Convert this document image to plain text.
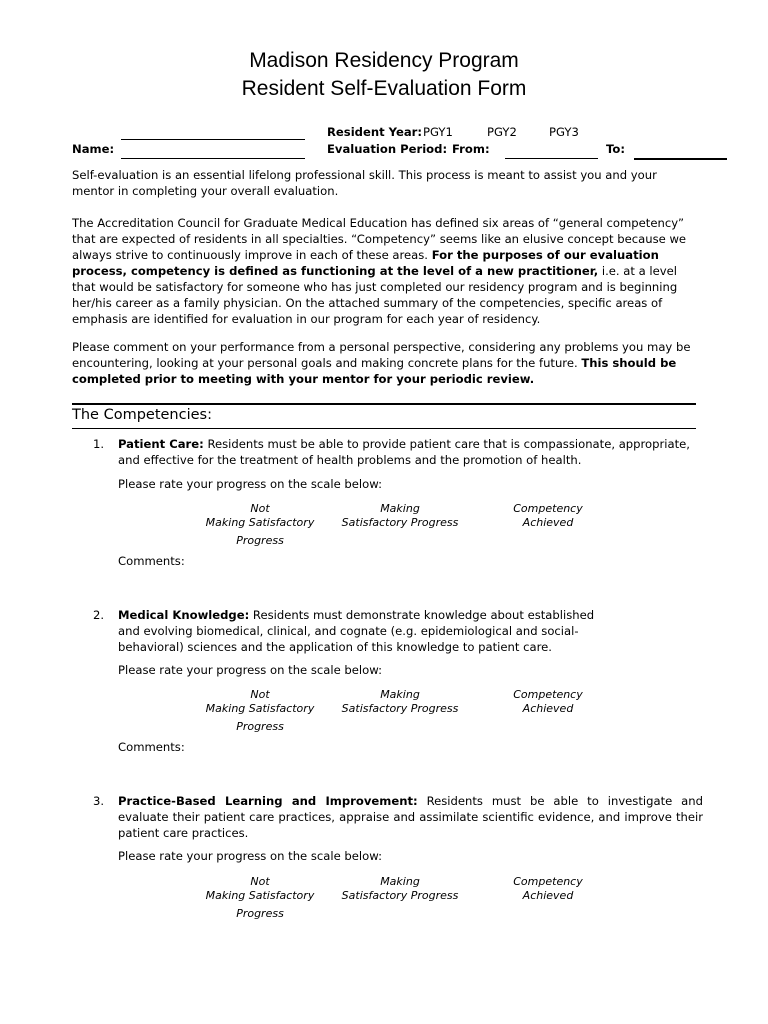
Madison Residency Program
Resident Self-Evaluation Form
Name:
Resident Year: PGY1	PGY2	PGY3
Evaluation Period: From:	To:
Self-evaluation is an essential lifelong professional skill. This process is meant to assist you and your mentor in completing your overall evaluation.
The Accreditation Council for Graduate Medical Education has defined six areas of “general competency” that are expected of residents in all specialties. “Competency” seems like an elusive concept because we always strive to continuously improve in each of these areas. For the purposes of our evaluation process, competency is defined as functioning at the level of a new practitioner, i.e. at a level that would be satisfactory for someone who has just completed our residency program and is beginning her/his career as a family physician. On the attached summary of the competencies, specific areas of emphasis are identified for evaluation in our program for each year of residency.
Please comment on your performance from a personal perspective, considering any problems you may be encountering, looking at your personal goals and making concrete plans for the future. This should be completed prior to meeting with your mentor for your periodic review.
The Competencies:
1. Patient Care: Residents must be able to provide patient care that is compassionate, appropriate, and effective for the treatment of health problems and the promotion of health.
Please rate your progress on the scale below:
Not
Making Satisfactory
Progress
Making
Satisfactory Progress
Competency
Achieved
Comments:
2. Medical Knowledge: Residents must demonstrate knowledge about established and evolving biomedical, clinical, and cognate (e.g. epidemiological and social-behavioral) sciences and the application of this knowledge to patient care.
Please rate your progress on the scale below:
Not
Making Satisfactory
Progress
Making
Satisfactory Progress
Competency
Achieved
Comments:
3. Practice-Based Learning and Improvement: Residents must be able to investigate and evaluate their patient care practices, appraise and assimilate scientific evidence, and improve their patient care practices.
Please rate your progress on the scale below:
Not
Making Satisfactory
Progress
Making
Satisfactory Progress
Competency
Achieved
